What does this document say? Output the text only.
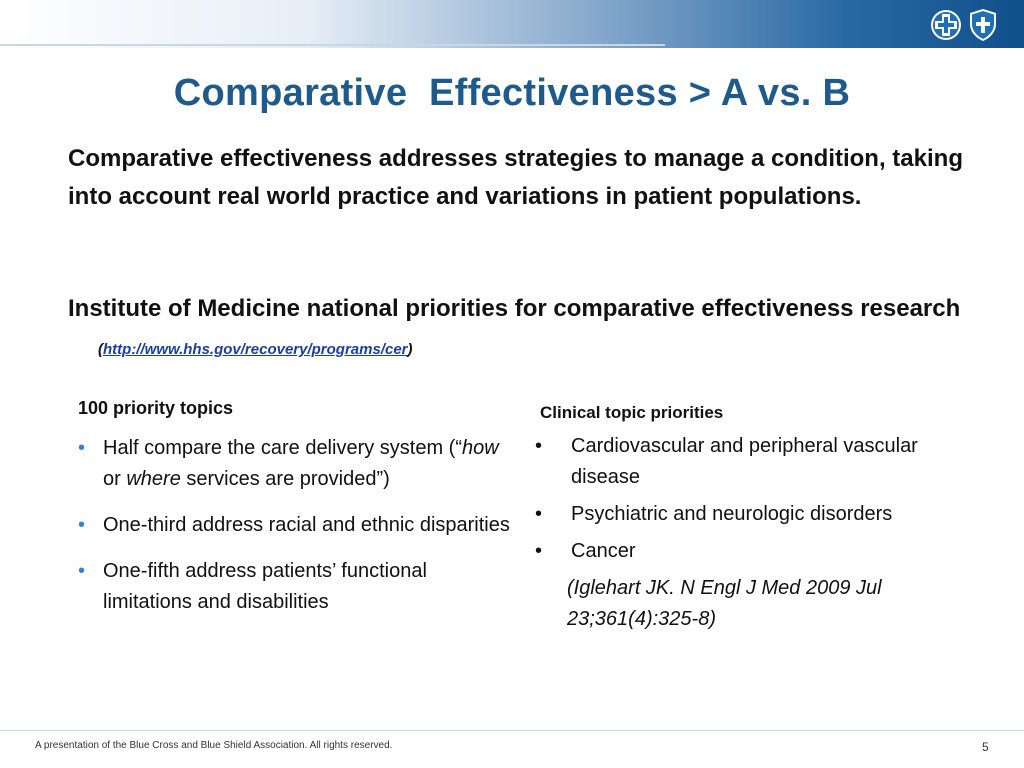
Comparative  Effectiveness > A vs. B
Comparative effectiveness addresses strategies to manage a condition, taking into account real world practice and variations in patient populations.
Institute of Medicine national priorities for comparative effectiveness research (http://www.hhs.gov/recovery/programs/cer)
100 priority topics
• Half compare the care delivery system (“how or where services are provided”)
• One-third address racial and ethnic disparities
• One-fifth address patients’ functional limitations and disabilities
Clinical topic priorities
• Cardiovascular and peripheral vascular disease
• Psychiatric and neurologic disorders
• Cancer
(Iglehart JK. N Engl J Med 2009 Jul 23;361(4):325-8)
A presentation of the Blue Cross and Blue Shield Association. All rights reserved.	5
